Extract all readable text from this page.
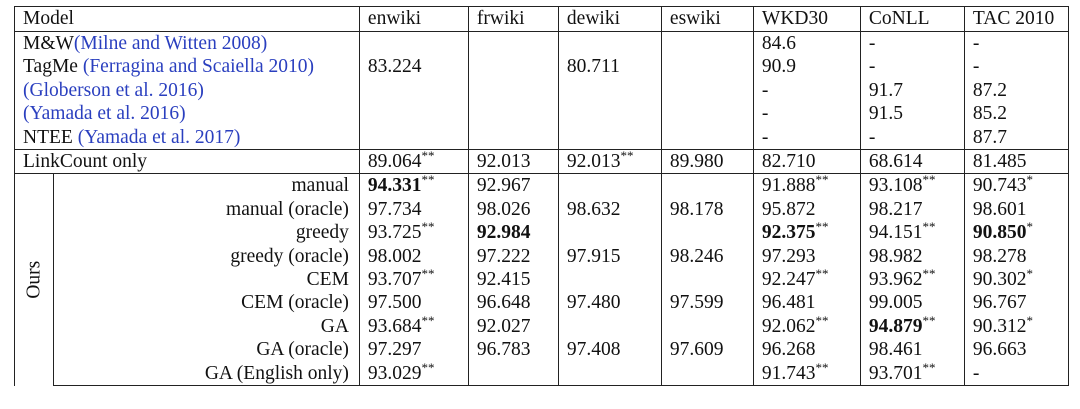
Model		enwiki	frwiki	dewiki	eswiki	WKD30	CoNLL	TAC 2010
M&W(Milne and Witten 2008)						84.6	-	-
TagMe (Ferragina and Scaiella 2010)		83.224		80.711		90.9	-	-
(Globerson et al. 2016)						-	91.7	87.2
(Yamada et al. 2016)						-	91.5	85.2
NTEE (Yamada et al. 2017)						-	-	87.7
LinkCount only		89.064**	92.013	92.013**	89.980	82.710	68.614	81.485
Ours	manual	94.331**	92.967			91.888**	93.108**	90.743*
	manual (oracle)	97.734	98.026	98.632	98.178	95.872	98.217	98.601
	greedy	93.725**	92.984			92.375**	94.151**	90.850*
	greedy (oracle)	98.002	97.222	97.915	98.246	97.293	98.982	98.278
	CEM	93.707**	92.415			92.247**	93.962**	90.302*
	CEM (oracle)	97.500	96.648	97.480	97.599	96.481	99.005	96.767
	GA	93.684**	92.027			92.062**	94.879**	90.312*
	GA (oracle)	97.297	96.783	97.408	97.609	96.268	98.461	96.663
	GA (English only)	93.029**				91.743**	93.701**	-
